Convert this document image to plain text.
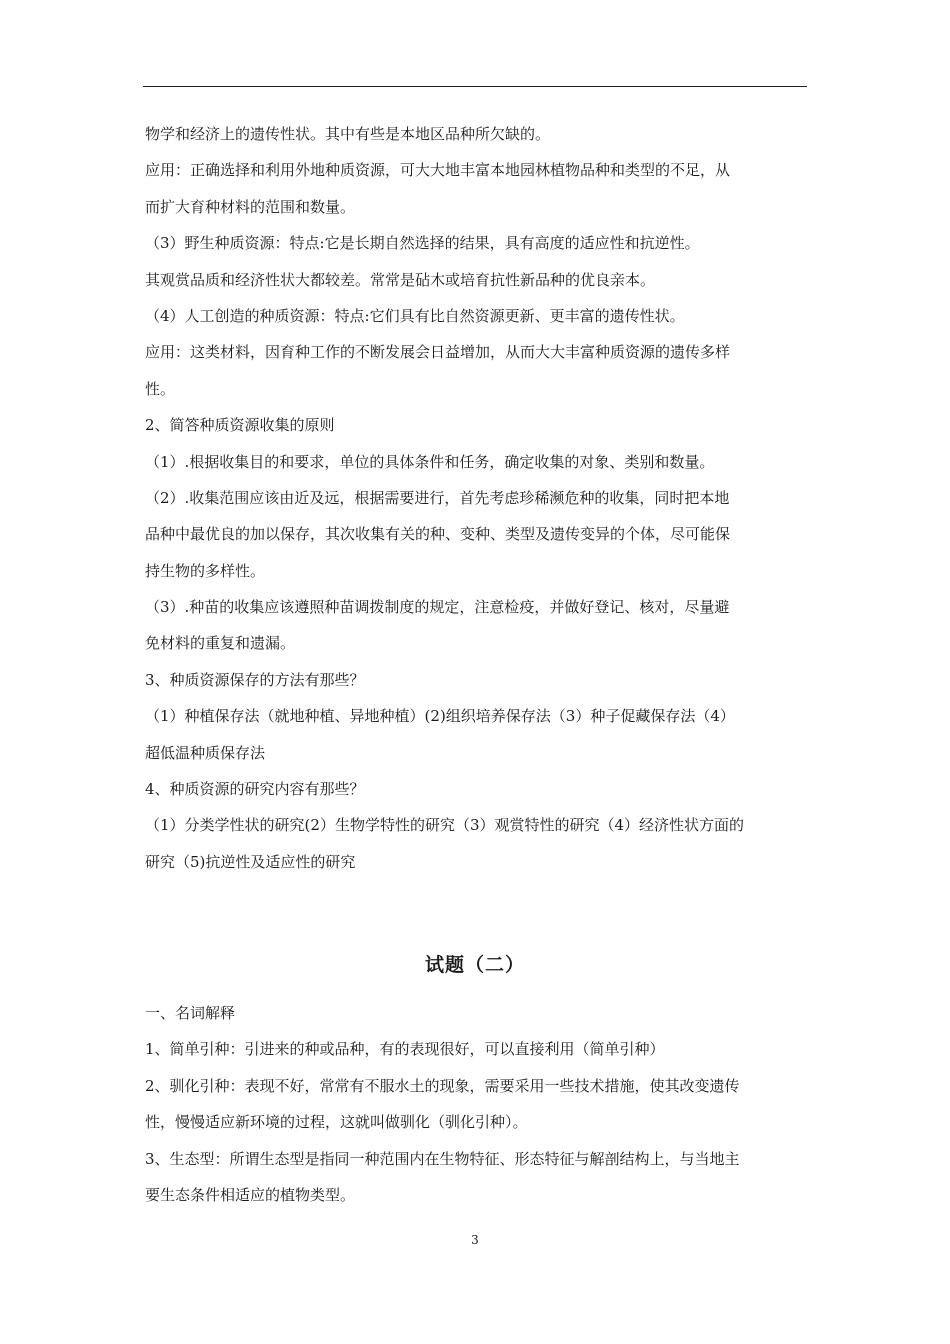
物学和经济上的遗传性状。其中有些是本地区品种所欠缺的。

应用：正确选择和利用外地种质资源，可大大地丰富本地园林植物品种和类型的不足，从

而扩大育种材料的范围和数量。

（3）野生种质资源：特点:它是长期自然选择的结果，具有高度的适应性和抗逆性。

其观赏品质和经济性状大都较差。常常是砧木或培育抗性新品种的优良亲本。

（4）人工创造的种质资源：特点:它们具有比自然资源更新、更丰富的遗传性状。

应用：这类材料，因育种工作的不断发展会日益增加，从而大大丰富种质资源的遗传多样

性。

2、简答种质资源收集的原则

（1）.根据收集目的和要求，单位的具体条件和任务，确定收集的对象、类别和数量。

（2）.收集范围应该由近及远，根据需要进行，首先考虑珍稀濒危种的收集，同时把本地

品种中最优良的加以保存，其次收集有关的种、变种、类型及遗传变异的个体，尽可能保

持生物的多样性。

（3）.种苗的收集应该遵照种苗调拨制度的规定，注意检疫，并做好登记、核对，尽量避

免材料的重复和遗漏。

3、种质资源保存的方法有那些？

（1）种植保存法（就地种植、异地种植）(2)组织培养保存法（3）种子促藏保存法（4）

超低温种质保存法

4、种质资源的研究内容有那些？

（1）分类学性状的研究(2）生物学特性的研究（3）观赏特性的研究（4）经济性状方面的

研究（5)抗逆性及适应性的研究

试题（二）

一、名词解释

1、简单引种：引进来的种或品种，有的表现很好，可以直接利用（简单引种）

2、驯化引种：表现不好，常常有不服水土的现象，需要采用一些技术措施，使其改变遗传

性，慢慢适应新环境的过程，这就叫做驯化（驯化引种）。

3、生态型：所谓生态型是指同一种范围内在生物特征、形态特征与解剖结构上，与当地主

要生态条件相适应的植物类型。

3
